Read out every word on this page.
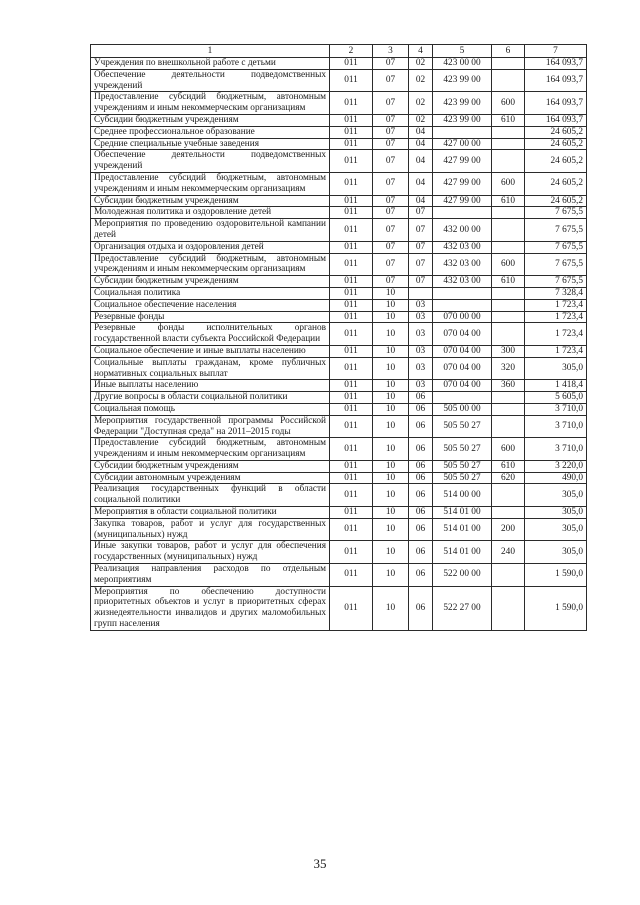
1	2	3	4	5	6	7
Учреждения по внешкольной работе с детьми	011	07	02	423 00 00		164 093,7
Обеспечение деятельности подведомственных учреждений	011	07	02	423 99 00		164 093,7
Предоставление субсидий бюджетным, автономным учреждениям и иным некоммерческим организациям	011	07	02	423 99 00	600	164 093,7
Субсидии бюджетным учреждениям	011	07	02	423 99 00	610	164 093,7
Среднее профессиональное образование	011	07	04			24 605,2
Средние специальные учебные заведения	011	07	04	427 00 00		24 605,2
Обеспечение деятельности подведомственных учреждений	011	07	04	427 99 00		24 605,2
Предоставление субсидий бюджетным, автономным учреждениям и иным некоммерческим организациям	011	07	04	427 99 00	600	24 605,2
Субсидии бюджетным учреждениям	011	07	04	427 99 00	610	24 605,2
Молодежная политика и оздоровление детей	011	07	07			7 675,5
Мероприятия по проведению оздоровительной кампании детей	011	07	07	432 00 00		7 675,5
Организация отдыха и оздоровления детей	011	07	07	432 03 00		7 675,5
Предоставление субсидий бюджетным, автономным учреждениям и иным некоммерческим организациям	011	07	07	432 03 00	600	7 675,5
Субсидии бюджетным учреждениям	011	07	07	432 03 00	610	7 675,5
Социальная политика	011	10				7 328,4
Социальное обеспечение населения	011	10	03			1 723,4
Резервные фонды	011	10	03	070 00 00		1 723,4
Резервные фонды исполнительных органов государственной власти субъекта Российской Федерации	011	10	03	070 04 00		1 723,4
Социальное обеспечение и иные выплаты населению	011	10	03	070 04 00	300	1 723,4
Социальные выплаты гражданам, кроме публичных нормативных социальных выплат	011	10	03	070 04 00	320	305,0
Иные выплаты населению	011	10	03	070 04 00	360	1 418,4
Другие вопросы в области социальной политики	011	10	06			5 605,0
Социальная помощь	011	10	06	505 00 00		3 710,0
Мероприятия государственной программы Российской Федерации "Доступная среда" на 2011–2015 годы	011	10	06	505 50 27		3 710,0
Предоставление субсидий бюджетным, автономным учреждениям и иным некоммерческим организациям	011	10	06	505 50 27	600	3 710,0
Субсидии бюджетным учреждениям	011	10	06	505 50 27	610	3 220,0
Субсидии автономным учреждениям	011	10	06	505 50 27	620	490,0
Реализация государственных функций в области социальной политики	011	10	06	514 00 00		305,0
Мероприятия в области социальной политики	011	10	06	514 01 00		305,0
Закупка товаров, работ и услуг для государственных (муниципальных) нужд	011	10	06	514 01 00	200	305,0
Иные закупки товаров, работ и услуг для обеспечения государственных (муниципальных) нужд	011	10	06	514 01 00	240	305,0
Реализация направления расходов по отдельным мероприятиям	011	10	06	522 00 00		1 590,0
Мероприятия по обеспечению доступности приоритетных объектов и услуг в приоритетных сферах жизнедеятельности инвалидов и других маломобильных групп населения	011	10	06	522 27 00		1 590,0
35
